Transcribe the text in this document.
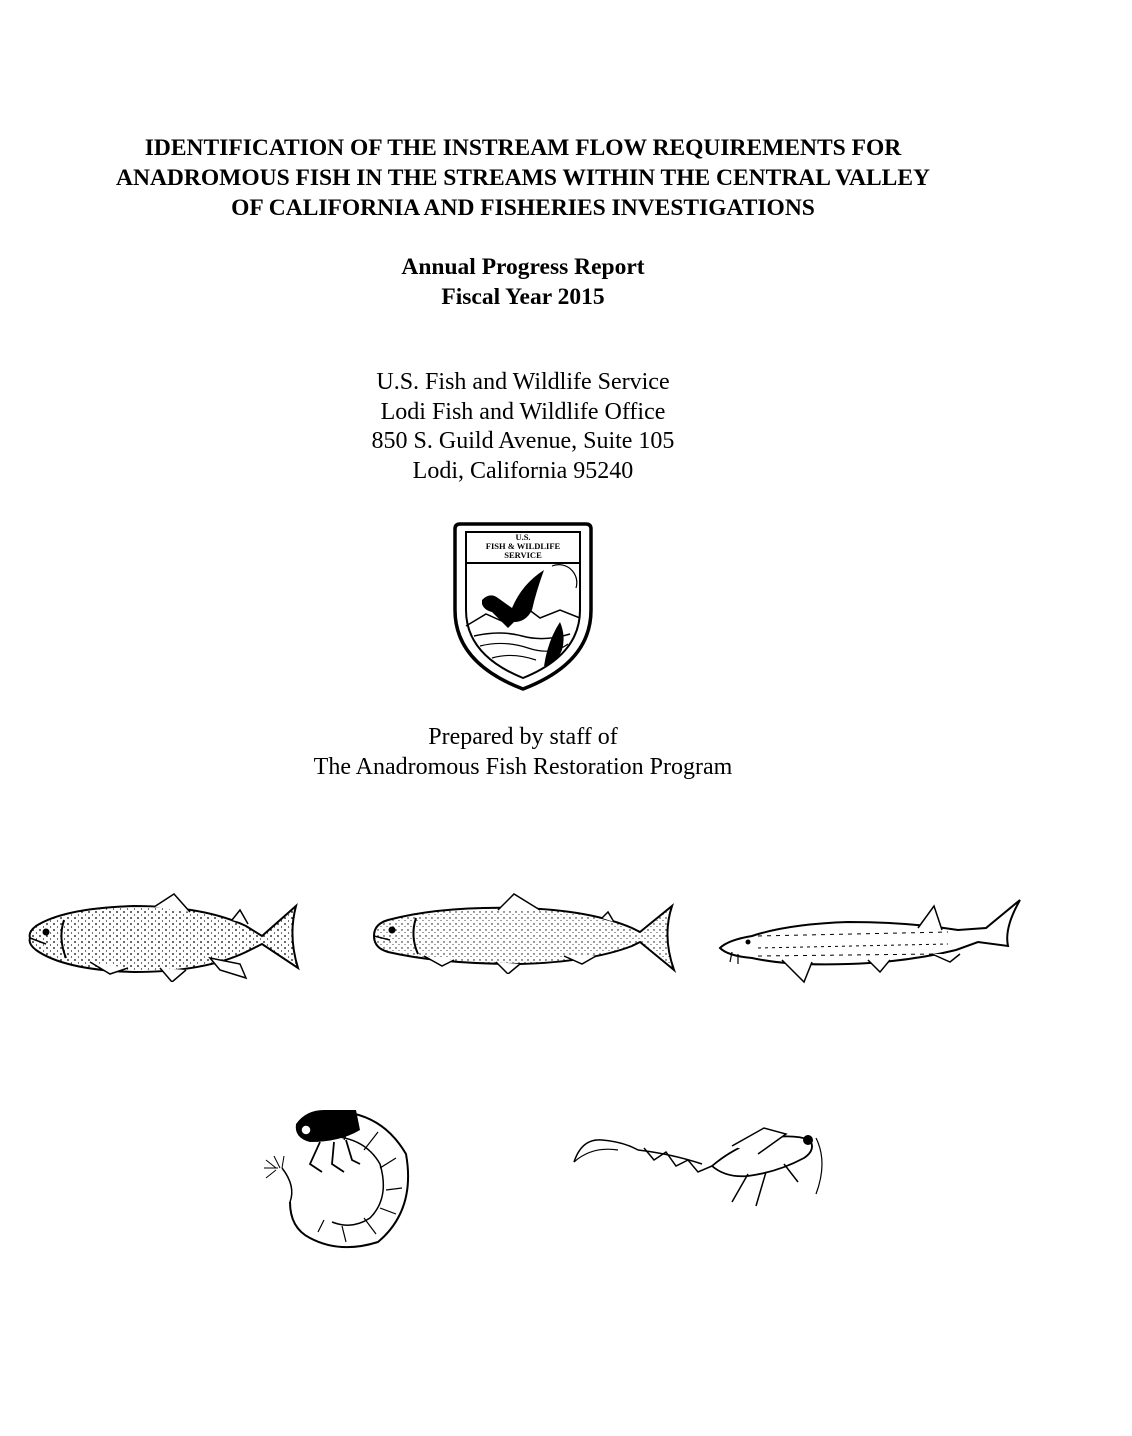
IDENTIFICATION OF THE INSTREAM FLOW REQUIREMENTS FOR
ANADROMOUS FISH IN THE STREAMS WITHIN THE CENTRAL VALLEY
OF CALIFORNIA AND FISHERIES INVESTIGATIONS
Annual Progress Report
Fiscal Year 2015
U.S. Fish and Wildlife Service
Lodi Fish and Wildlife Office
850 S. Guild Avenue, Suite 105
Lodi, California 95240
U.S.
FISH & WILDLIFE
SERVICE
Prepared by staff of
The Anadromous Fish Restoration Program
